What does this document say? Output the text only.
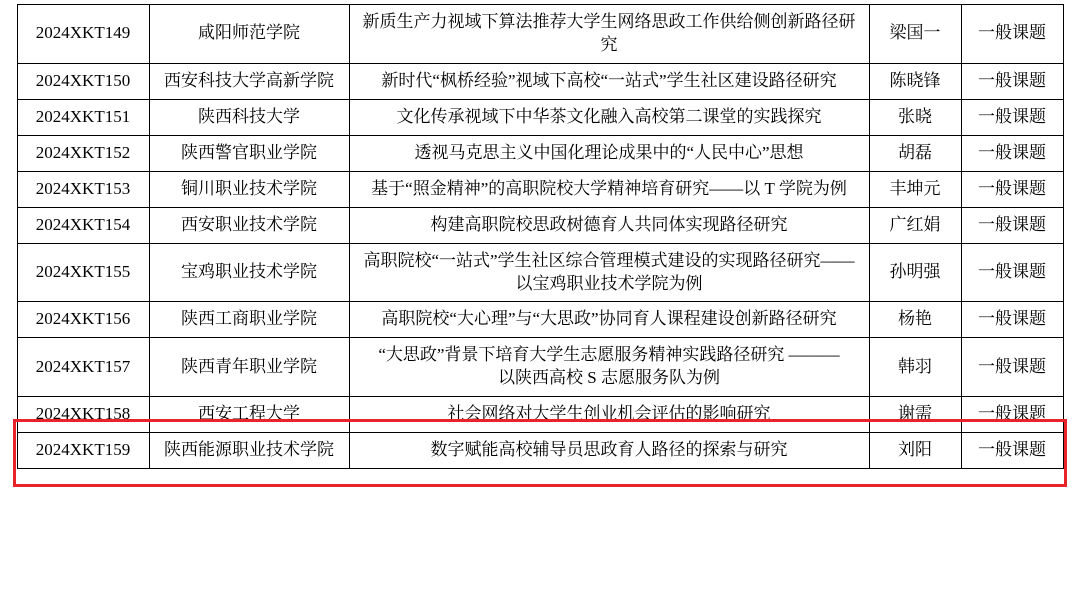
2024XKT149	咸阳师范学院	新质生产力视域下算法推荐大学生网络思政工作供给侧创新路径研究	梁国一	一般课题
2024XKT150	西安科技大学高新学院	新时代“枫桥经验”视域下高校“一站式”学生社区建设路径研究	陈晓锋	一般课题
2024XKT151	陕西科技大学	文化传承视域下中华茶文化融入高校第二课堂的实践探究	张晓	一般课题
2024XKT152	陕西警官职业学院	透视马克思主义中国化理论成果中的“人民中心”思想	胡磊	一般课题
2024XKT153	铜川职业技术学院	基于“照金精神”的高职院校大学精神培育研究——以 T 学院为例	丰坤元	一般课题
2024XKT154	西安职业技术学院	构建高职院校思政树德育人共同体实现路径研究	广红娟	一般课题
2024XKT155	宝鸡职业技术学院	高职院校“一站式”学生社区综合管理模式建设的实现路径研究——
以宝鸡职业技术学院为例	孙明强	一般课题
2024XKT156	陕西工商职业学院	高职院校“大心理”与“大思政”协同育人课程建设创新路径研究	杨艳	一般课题
2024XKT157	陕西青年职业学院	“大思政”背景下培育大学生志愿服务精神实践路径研究 ———
以陕西高校 S 志愿服务队为例	韩羽	一般课题
2024XKT158	西安工程大学	社会网络对大学生创业机会评估的影响研究	谢需	一般课题
2024XKT159	陕西能源职业技术学院	数字赋能高校辅导员思政育人路径的探索与研究	刘阳	一般课题
